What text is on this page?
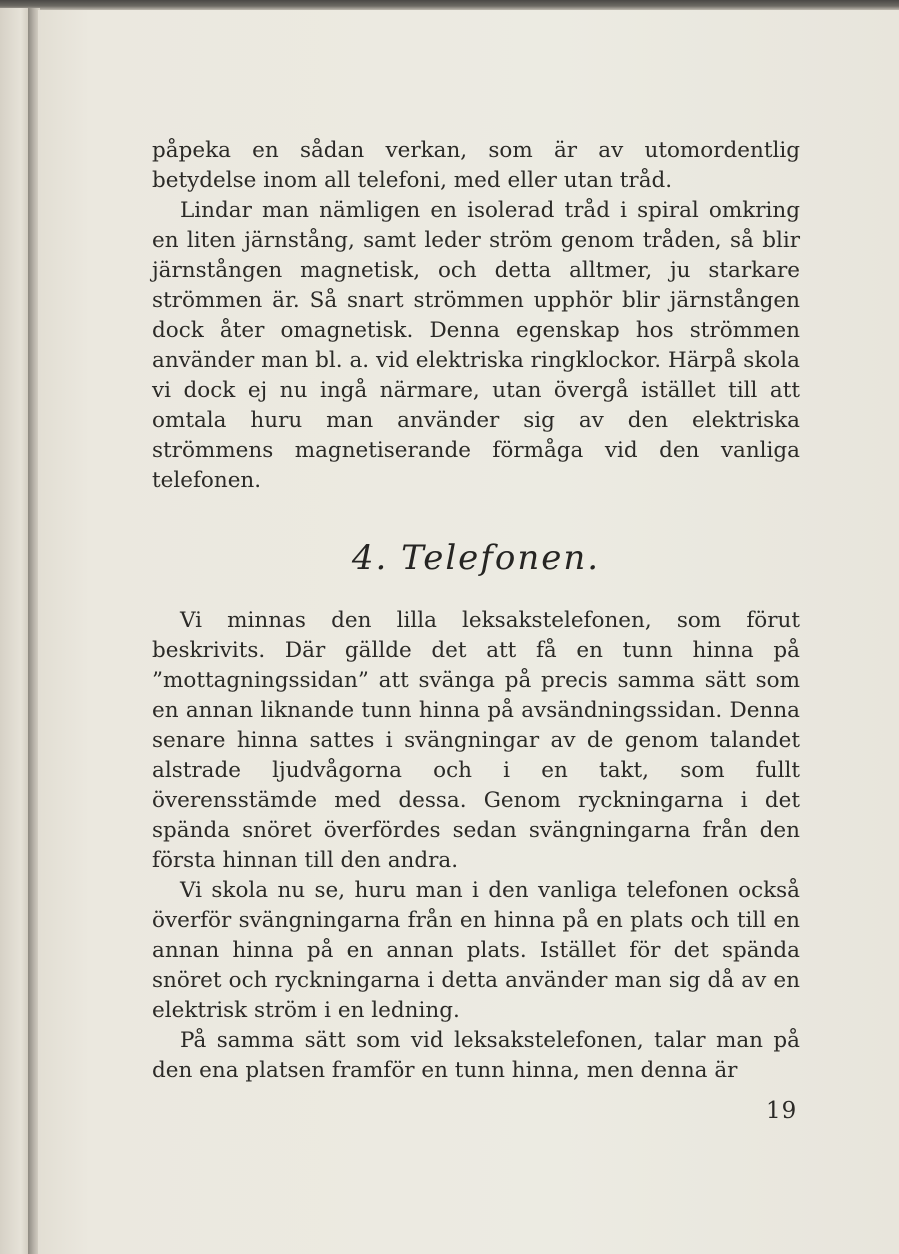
påpeka en sådan verkan, som är av utomordentlig betydelse inom all telefoni, med eller utan tråd.

Lindar man nämligen en isolerad tråd i spiral omkring en liten järnstång, samt leder ström genom tråden, så blir järnstången magnetisk, och detta alltmer, ju starkare strömmen är. Så snart strömmen upphör blir järnstången dock åter omagnetisk. Denna egenskap hos strömmen använder man bl. a. vid elektriska ringklockor. Härpå skola vi dock ej nu ingå närmare, utan övergå istället till att omtala huru man använder sig av den elektriska strömmens magnetiserande förmåga vid den vanliga telefonen.

4. Telefonen.

Vi minnas den lilla leksakstelefonen, som förut beskrivits. Där gällde det att få en tunn hinna på ”mottagningssidan” att svänga på precis samma sätt som en annan liknande tunn hinna på avsändningssidan. Denna senare hinna sattes i svängningar av de genom talandet alstrade ljudvågorna och i en takt, som fullt överensstämde med dessa. Genom ryckningarna i det spända snöret överfördes sedan svängningarna från den första hinnan till den andra.

Vi skola nu se, huru man i den vanliga telefonen också överför svängningarna från en hinna på en plats och till en annan hinna på en annan plats. Istället för det spända snöret och ryckningarna i detta använder man sig då av en elektrisk ström i en ledning.

På samma sätt som vid leksakstelefonen, talar man på den ena platsen framför en tunn hinna, men denna är

19
